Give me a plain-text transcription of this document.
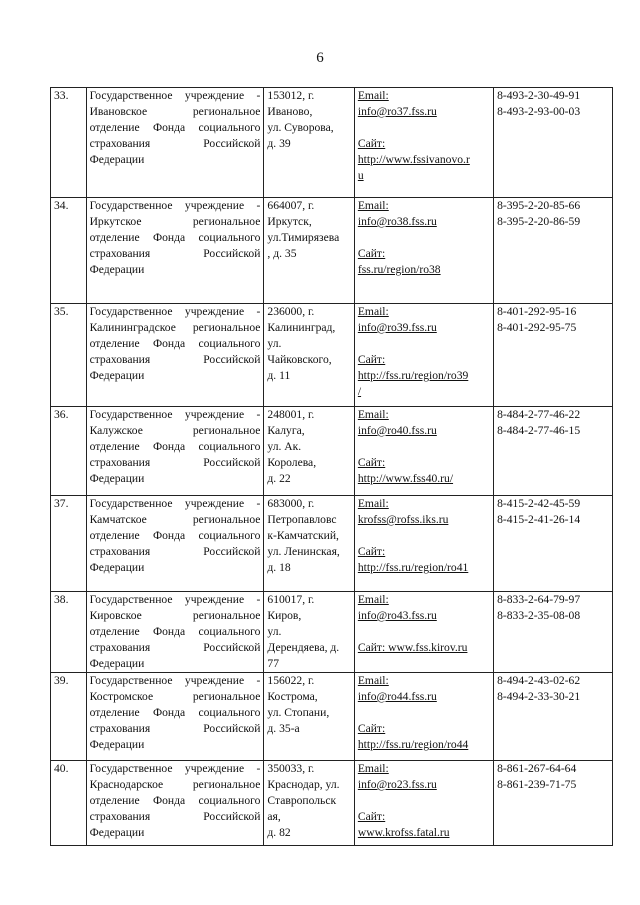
6
33.	Государственное учреждение - Ивановское региональное отделение Фонда социального страхования Российской Федерации	153012, г.
Иваново,
ул. Суворова,
д. 39	Email:
info@ro37.fss.ru
Сайт:
http://www.fssivanovo.r
u	8-493-2-30-49-91
8-493-2-93-00-03

34.	Государственное учреждение - Иркутское региональное отделение Фонда социального страхования Российской Федерации	664007, г.
Иркутск,
ул.Тимирязева
, д. 35	Email:
info@ro38.fss.ru
Сайт:
fss.ru/region/ro38	8-395-2-20-85-66
8-395-2-20-86-59

35.	Государственное учреждение - Калининградское региональное отделение Фонда социального страхования Российской Федерации	236000, г.
Калининград,
ул.
Чайковского,
д. 11	Email:
info@ro39.fss.ru
Сайт:
http://fss.ru/region/ro39
/	8-401-292-95-16
8-401-292-95-75

36.	Государственное учреждение - Калужское региональное отделение Фонда социального страхования Российской Федерации	248001, г.
Калуга,
ул. Ак.
Королева,
д. 22	Email:
info@ro40.fss.ru
Сайт:
http://www.fss40.ru/	8-484-2-77-46-22
8-484-2-77-46-15

37.	Государственное учреждение - Камчатское региональное отделение Фонда социального страхования Российской Федерации	683000, г.
Петропавловс
к-Камчатский,
ул. Ленинская,
д. 18	Email:
krofss@rofss.iks.ru
Сайт:
http://fss.ru/region/ro41	8-415-2-42-45-59
8-415-2-41-26-14

38.	Государственное учреждение - Кировское региональное отделение Фонда социального страхования Российской Федерации	610017, г.
Киров,
ул.
Дерендяева, д.
77	Email:
info@ro43.fss.ru
Сайт: www.fss.kirov.ru	8-833-2-64-79-97
8-833-2-35-08-08

39.	Государственное учреждение - Костромское региональное отделение Фонда социального страхования Российской Федерации	156022, г.
Кострома,
ул. Стопани,
д. 35-а	Email:
info@ro44.fss.ru
Сайт:
http://fss.ru/region/ro44	8-494-2-43-02-62
8-494-2-33-30-21

40.	Государственное учреждение - Краснодарское региональное отделение Фонда социального страхования Российской Федерации	350033, г.
Краснодар, ул.
Ставропольск
ая,
д. 82	Email:
info@ro23.fss.ru
Сайт:
www.krofss.fatal.ru	8-861-267-64-64
8-861-239-71-75
